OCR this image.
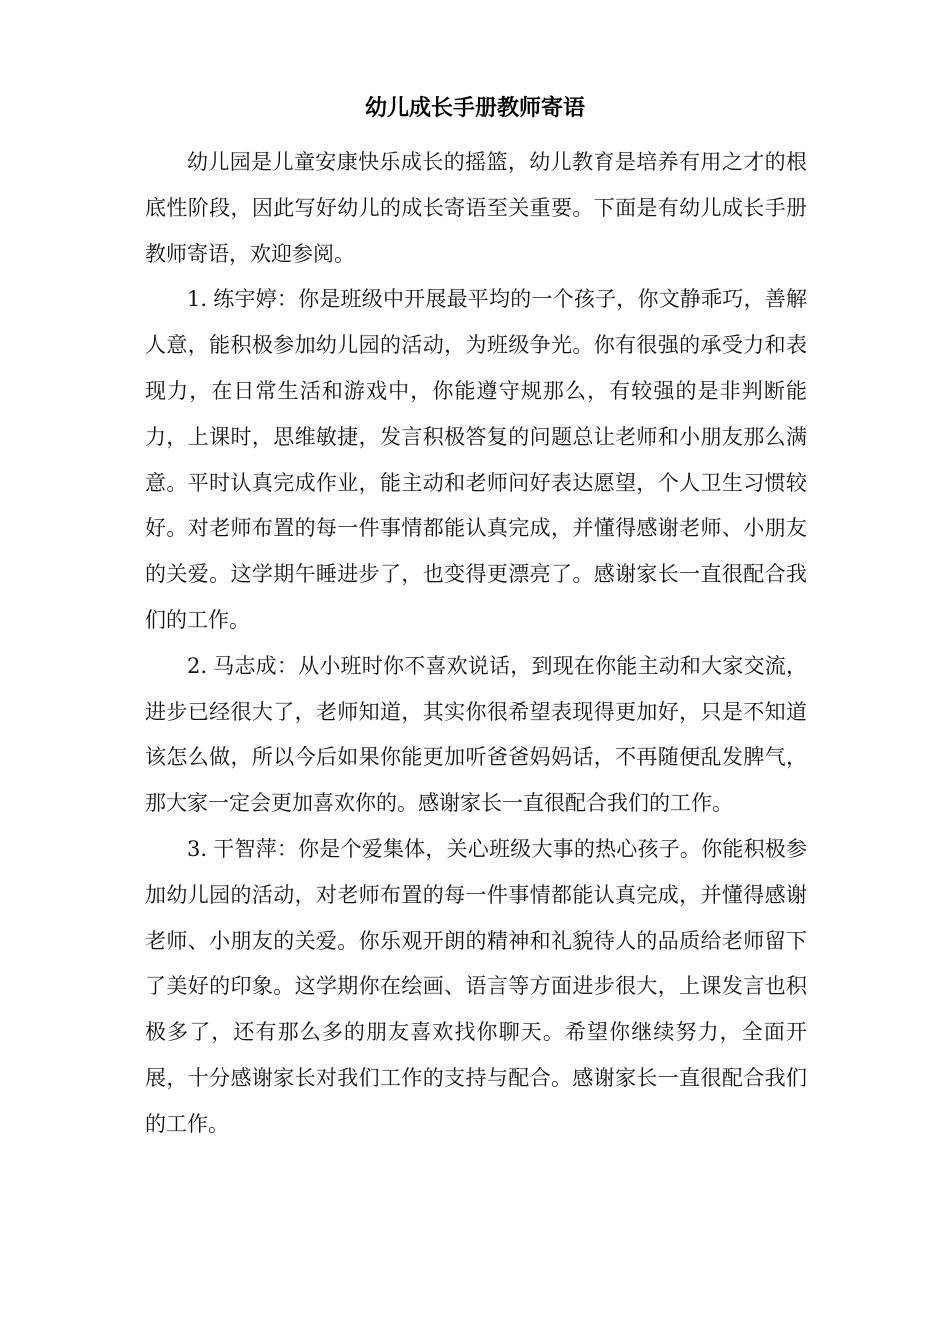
幼儿成长手册教师寄语

幼儿园是儿童安康快乐成长的摇篮，幼儿教育是培养有用之才的根底性阶段，因此写好幼儿的成长寄语至关重要。下面是有幼儿成长手册教师寄语，欢迎参阅。

1. 练宇婷：你是班级中开展最平均的一个孩子，你文静乖巧，善解人意，能积极参加幼儿园的活动，为班级争光。你有很强的承受力和表现力，在日常生活和游戏中，你能遵守规那么，有较强的是非判断能力，上课时，思维敏捷，发言积极答复的问题总让老师和小朋友那么满意。平时认真完成作业，能主动和老师问好表达愿望，个人卫生习惯较好。对老师布置的每一件事情都能认真完成，并懂得感谢老师、小朋友的关爱。这学期午睡进步了，也变得更漂亮了。感谢家长一直很配合我们的工作。

2. 马志成：从小班时你不喜欢说话，到现在你能主动和大家交流，进步已经很大了，老师知道，其实你很希望表现得更加好，只是不知道该怎么做，所以今后如果你能更加听爸爸妈妈话，不再随便乱发脾气，那大家一定会更加喜欢你的。感谢家长一直很配合我们的工作。

3. 干智萍：你是个爱集体，关心班级大事的热心孩子。你能积极参加幼儿园的活动，对老师布置的每一件事情都能认真完成，并懂得感谢老师、小朋友的关爱。你乐观开朗的精神和礼貌待人的品质给老师留下了美好的印象。这学期你在绘画、语言等方面进步很大，上课发言也积极多了，还有那么多的朋友喜欢找你聊天。希望你继续努力，全面开展，十分感谢家长对我们工作的支持与配合。感谢家长一直很配合我们的工作。
